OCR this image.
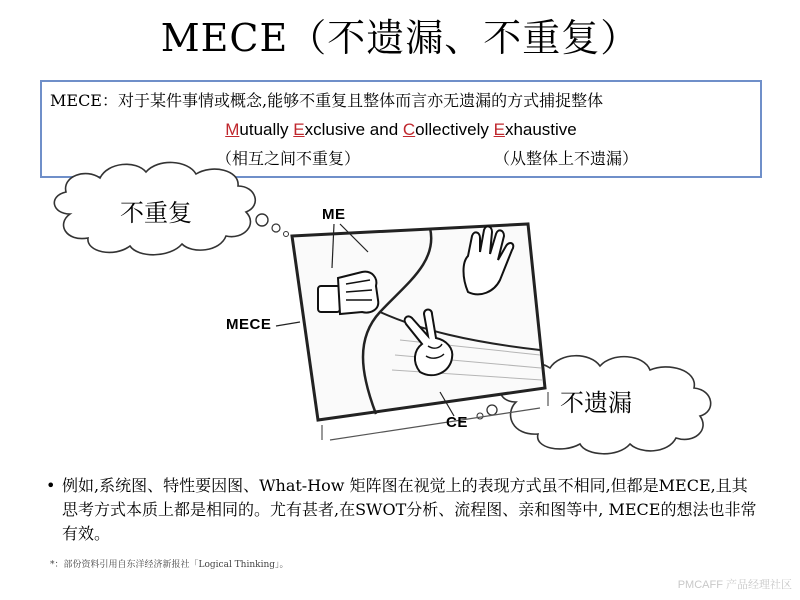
MECE（不遗漏、不重复）
MECE：对于某件事情或概念,能够不重复且整体而言亦无遗漏的方式捕捉整体
Mutually Exclusive and Collectively Exhaustive
（相互之间不重复）	（从整体上不遗漏）
不重复
不遗漏
ME
MECE
CE
• 例如,系统图、特性要因图、What-How 矩阵图在视觉上的表现方式虽不相同,但都是MECE,且其思考方式本质上都是相同的。尤有甚者,在SWOT分析、流程图、亲和图等中, MECE的想法也非常有效。
*：部份资料引用自东洋经济新报社「Logical Thinking」。
PMCAFF 产品经理社区
